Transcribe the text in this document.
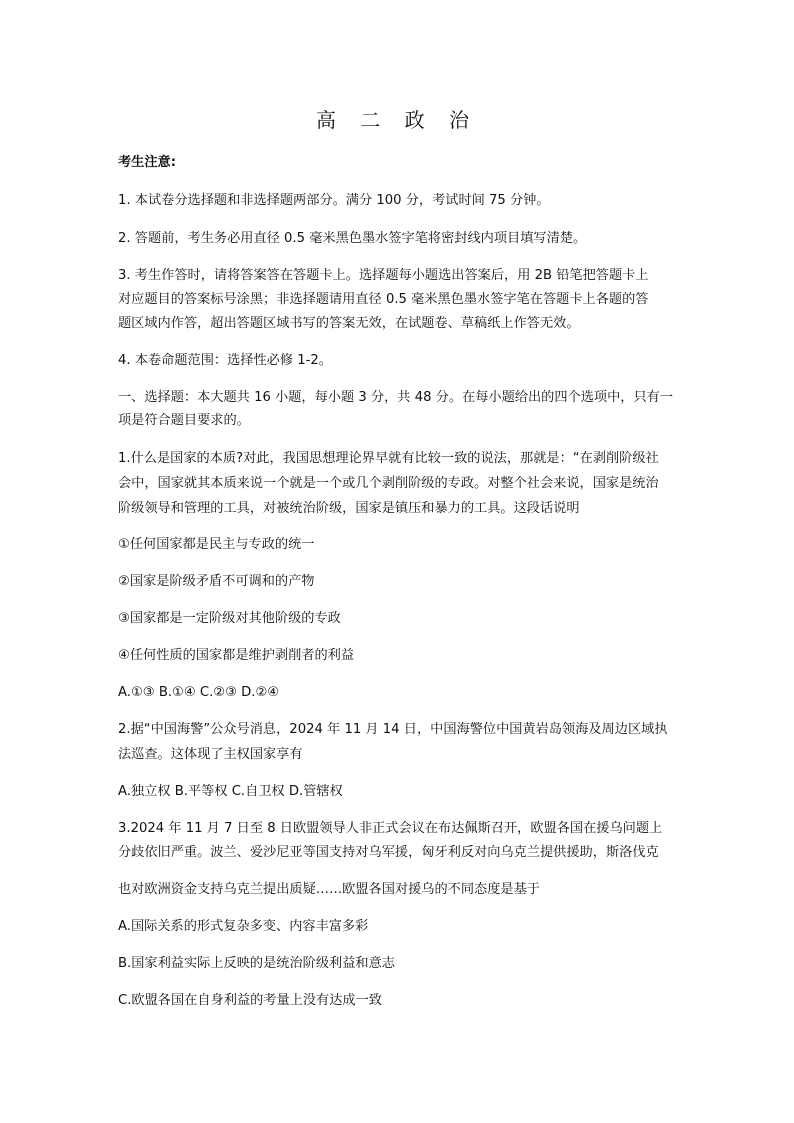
高 二 政 治
考生注意:
1. 本试卷分选择题和非选择题两部分。满分 100 分，考试时间 75 分钟。
2. 答题前，考生务必用直径 0.5 毫米黑色墨水签字笔将密封线内项目填写清楚。
3. 考生作答时，请将答案答在答题卡上。选择题每小题选出答案后，用 2B 铅笔把答题卡上
对应题目的答案标号涂黑；非选择题请用直径 0.5 毫米黑色墨水签字笔在答题卡上各题的答
题区域内作答，超出答题区域书写的答案无效，在试题卷、草稿纸上作答无效。
4. 本卷命题范围：选择性必修 1-2。
一、选择题：本大题共 16 小题，每小题 3 分，共 48 分。在每小题给出的四个选项中，只有一
项是符合题目要求的。
1.什么是国家的本质?对此，我国思想理论界早就有比较一致的说法，那就是：“在剥削阶级社
会中，国家就其本质来说一个就是一个或几个剥削阶级的专政。对整个社会来说，国家是统治
阶级领导和管理的工具，对被统治阶级，国家是镇压和暴力的工具。这段话说明
①任何国家都是民主与专政的统一
②国家是阶级矛盾不可调和的产物
③国家都是一定阶级对其他阶级的专政
④任何性质的国家都是维护剥削者的利益
A.①③ B.①④ C.②③ D.②④
2.据“中国海警”公众号消息，2024 年 11 月 14 日，中国海警位中国黄岩岛领海及周边区域执
法巡查。这体现了主权国家享有
A.独立权 B.平等权 C.自卫权 D.管辖权
3.2024 年 11 月 7 日至 8 日欧盟领导人非正式会议在布达佩斯召开，欧盟各国在援乌问题上
分歧依旧严重。波兰、爱沙尼亚等国支持对乌军援，匈牙利反对向乌克兰提供援助，斯洛伐克
也对欧洲资金支持乌克兰提出质疑……欧盟各国对援乌的不同态度是基于
A.国际关系的形式复杂多变、内容丰富多彩
B.国家利益实际上反映的是统治阶级利益和意志
C.欧盟各国在自身利益的考量上没有达成一致
